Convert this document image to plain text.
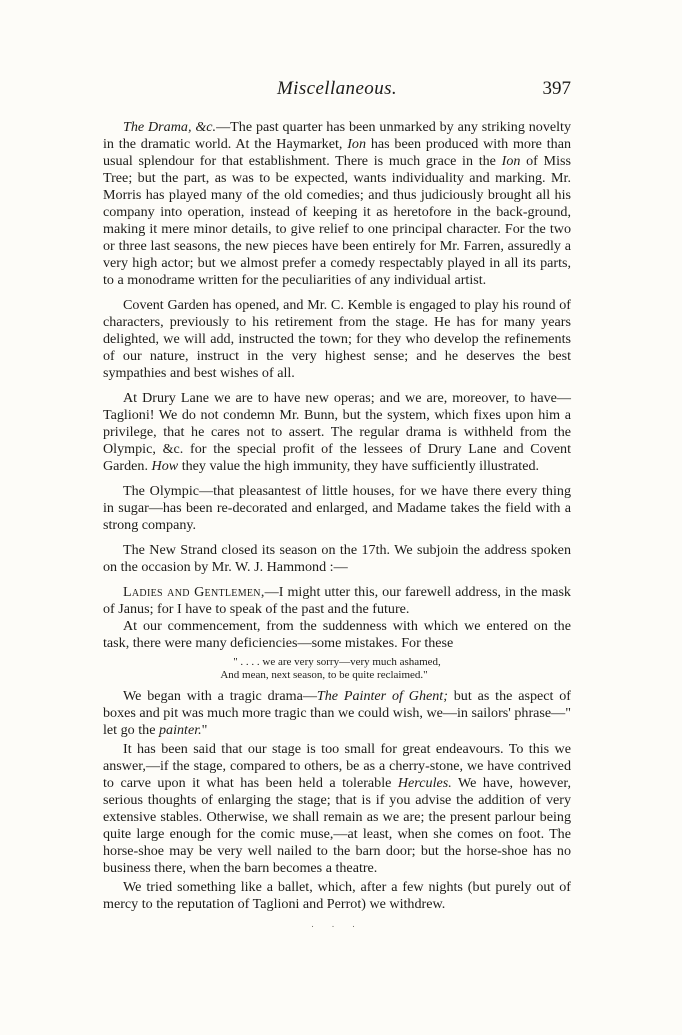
Miscellaneous.	397

The Drama, &c.—The past quarter has been unmarked by any striking novelty in the dramatic world. At the Haymarket, Ion has been produced with more than usual splendour for that establishment. There is much grace in the Ion of Miss Tree; but the part, as was to be expected, wants individuality and marking. Mr. Morris has played many of the old comedies; and thus judiciously brought all his company into operation, instead of keeping it as heretofore in the back-ground, making it mere minor details, to give relief to one principal character. For the two or three last seasons, the new pieces have been entirely for Mr. Farren, assuredly a very high actor; but we almost prefer a comedy respectably played in all its parts, to a monodrame written for the peculiarities of any individual artist.

Covent Garden has opened, and Mr. C. Kemble is engaged to play his round of characters, previously to his retirement from the stage. He has for many years delighted, we will add, instructed the town; for they who develop the refinements of our nature, instruct in the very highest sense; and he deserves the best sympathies and best wishes of all.

At Drury Lane we are to have new operas; and we are, moreover, to have—Taglioni! We do not condemn Mr. Bunn, but the system, which fixes upon him a privilege, that he cares not to assert. The regular drama is withheld from the Olympic, &c. for the special profit of the lessees of Drury Lane and Covent Garden. How they value the high immunity, they have sufficiently illustrated.

The Olympic—that pleasantest of little houses, for we have there every thing in sugar—has been re-decorated and enlarged, and Madame takes the field with a strong company.

The New Strand closed its season on the 17th. We subjoin the address spoken on the occasion by Mr. W. J. Hammond :—

Ladies and Gentlemen,—I might utter this, our farewell address, in the mask of Janus; for I have to speak of the past and the future.

At our commencement, from the suddenness with which we entered on the task, there were many deficiencies—some mistakes. For these

" . . . . we are very sorry—very much ashamed,
And mean, next season, to be quite reclaimed."

We began with a tragic drama—The Painter of Ghent; but as the aspect of boxes and pit was much more tragic than we could wish, we—in sailors' phrase—" let go the painter."

It has been said that our stage is too small for great endeavours. To this we answer,—if the stage, compared to others, be as a cherry-stone, we have contrived to carve upon it what has been held a tolerable Hercules. We have, however, serious thoughts of enlarging the stage; that is if you advise the addition of very extensive stables. Otherwise, we shall remain as we are; the present parlour being quite large enough for the comic muse,—at least, when she comes on foot. The horse-shoe may be very well nailed to the barn door; but the horse-shoe has no business there, when the barn becomes a theatre.

We tried something like a ballet, which, after a few nights (but purely out of mercy to the reputation of Taglioni and Perrot) we withdrew.

. . .
